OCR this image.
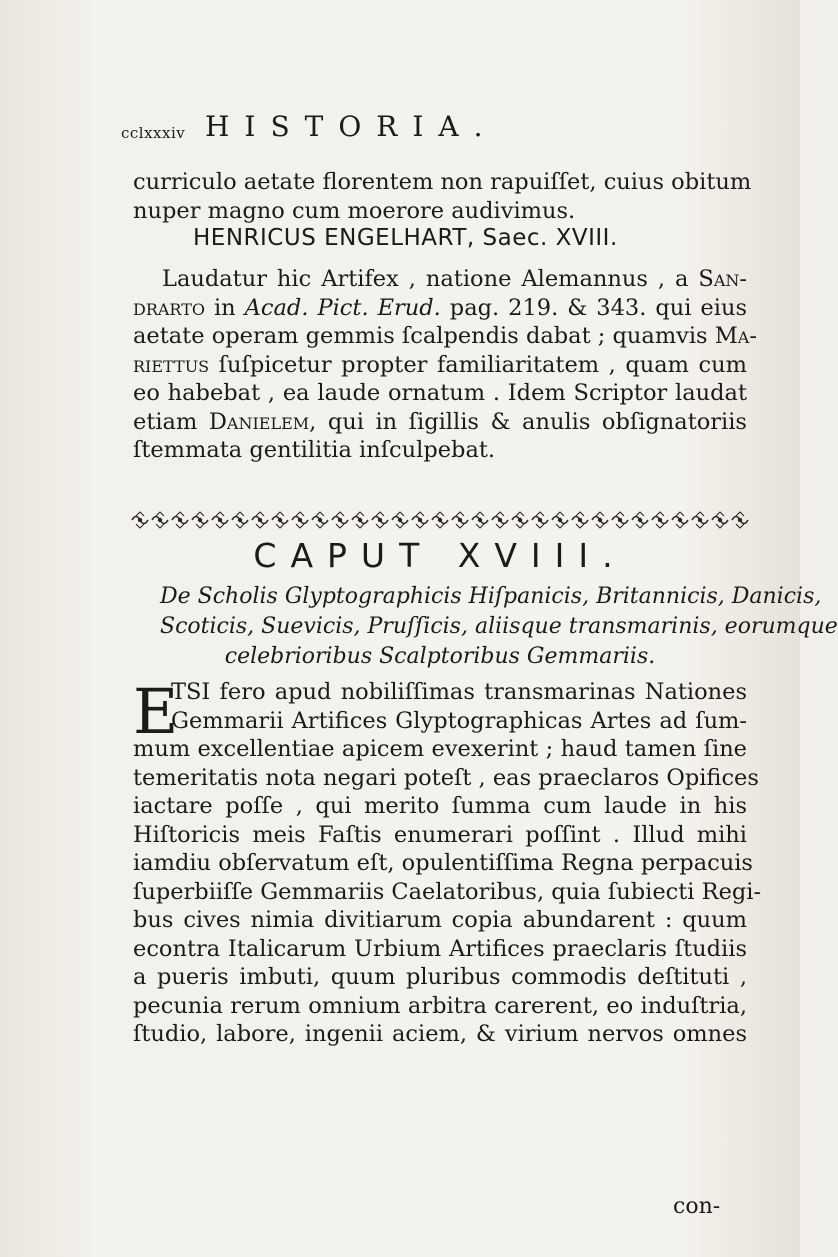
cclxxxiv HISTORIA.
curriculo aetate florentem non rapuiſſet, cuius obitum
nuper magno cum moerore audivimus.
HENRICUS ENGELHART, Saec. XVIII.
Laudatur hic Artifex , natione Alemannus , a San-
drarto in Acad. Pict. Erud. pag. 219. & 343. qui eius
aetate operam gemmis ſcalpendis dabat ; quamvis Ma-
riettus ſuſpicetur propter familiaritatem , quam cum
eo habebat , ea laude ornatum . Idem Scriptor laudat
etiam Danielem, qui in ſigillis & anulis obſignatoriis
ſtemmata gentilitia inſculpebat.
CAPUT XVIII.
De Scholis Glyptographicis Hiſpanicis, Britannicis, Danicis,
Scoticis, Suevicis, Pruſſicis, aliisque transmarinis, eorumque
celebrioribus Scalptoribus Gemmariis.
E
TSI fero apud nobiliſſimas transmarinas Nationes
Gemmarii Artifices Glyptographicas Artes ad ſum-
mum excellentiae apicem evexerint ; haud tamen ſine
temeritatis nota negari poteſt , eas praeclaros Opifices
iactare poſſe , qui merito ſumma cum laude in his
Hiſtoricis meis Faſtis enumerari poſſint . Illud mihi
iamdiu obſervatum eſt, opulentiſſima Regna perpacuis
ſuperbiiſſe Gemmariis Caelatoribus, quia ſubiecti Regi-
bus cives nimia divitiarum copia abundarent : quum
econtra Italicarum Urbium Artifices praeclaris ſtudiis
a pueris imbuti, quum pluribus commodis deſtituti ,
pecunia rerum omnium arbitra carerent, eo induſtria,
ſtudio, labore, ingenii aciem, & virium nervos omnes
con-
